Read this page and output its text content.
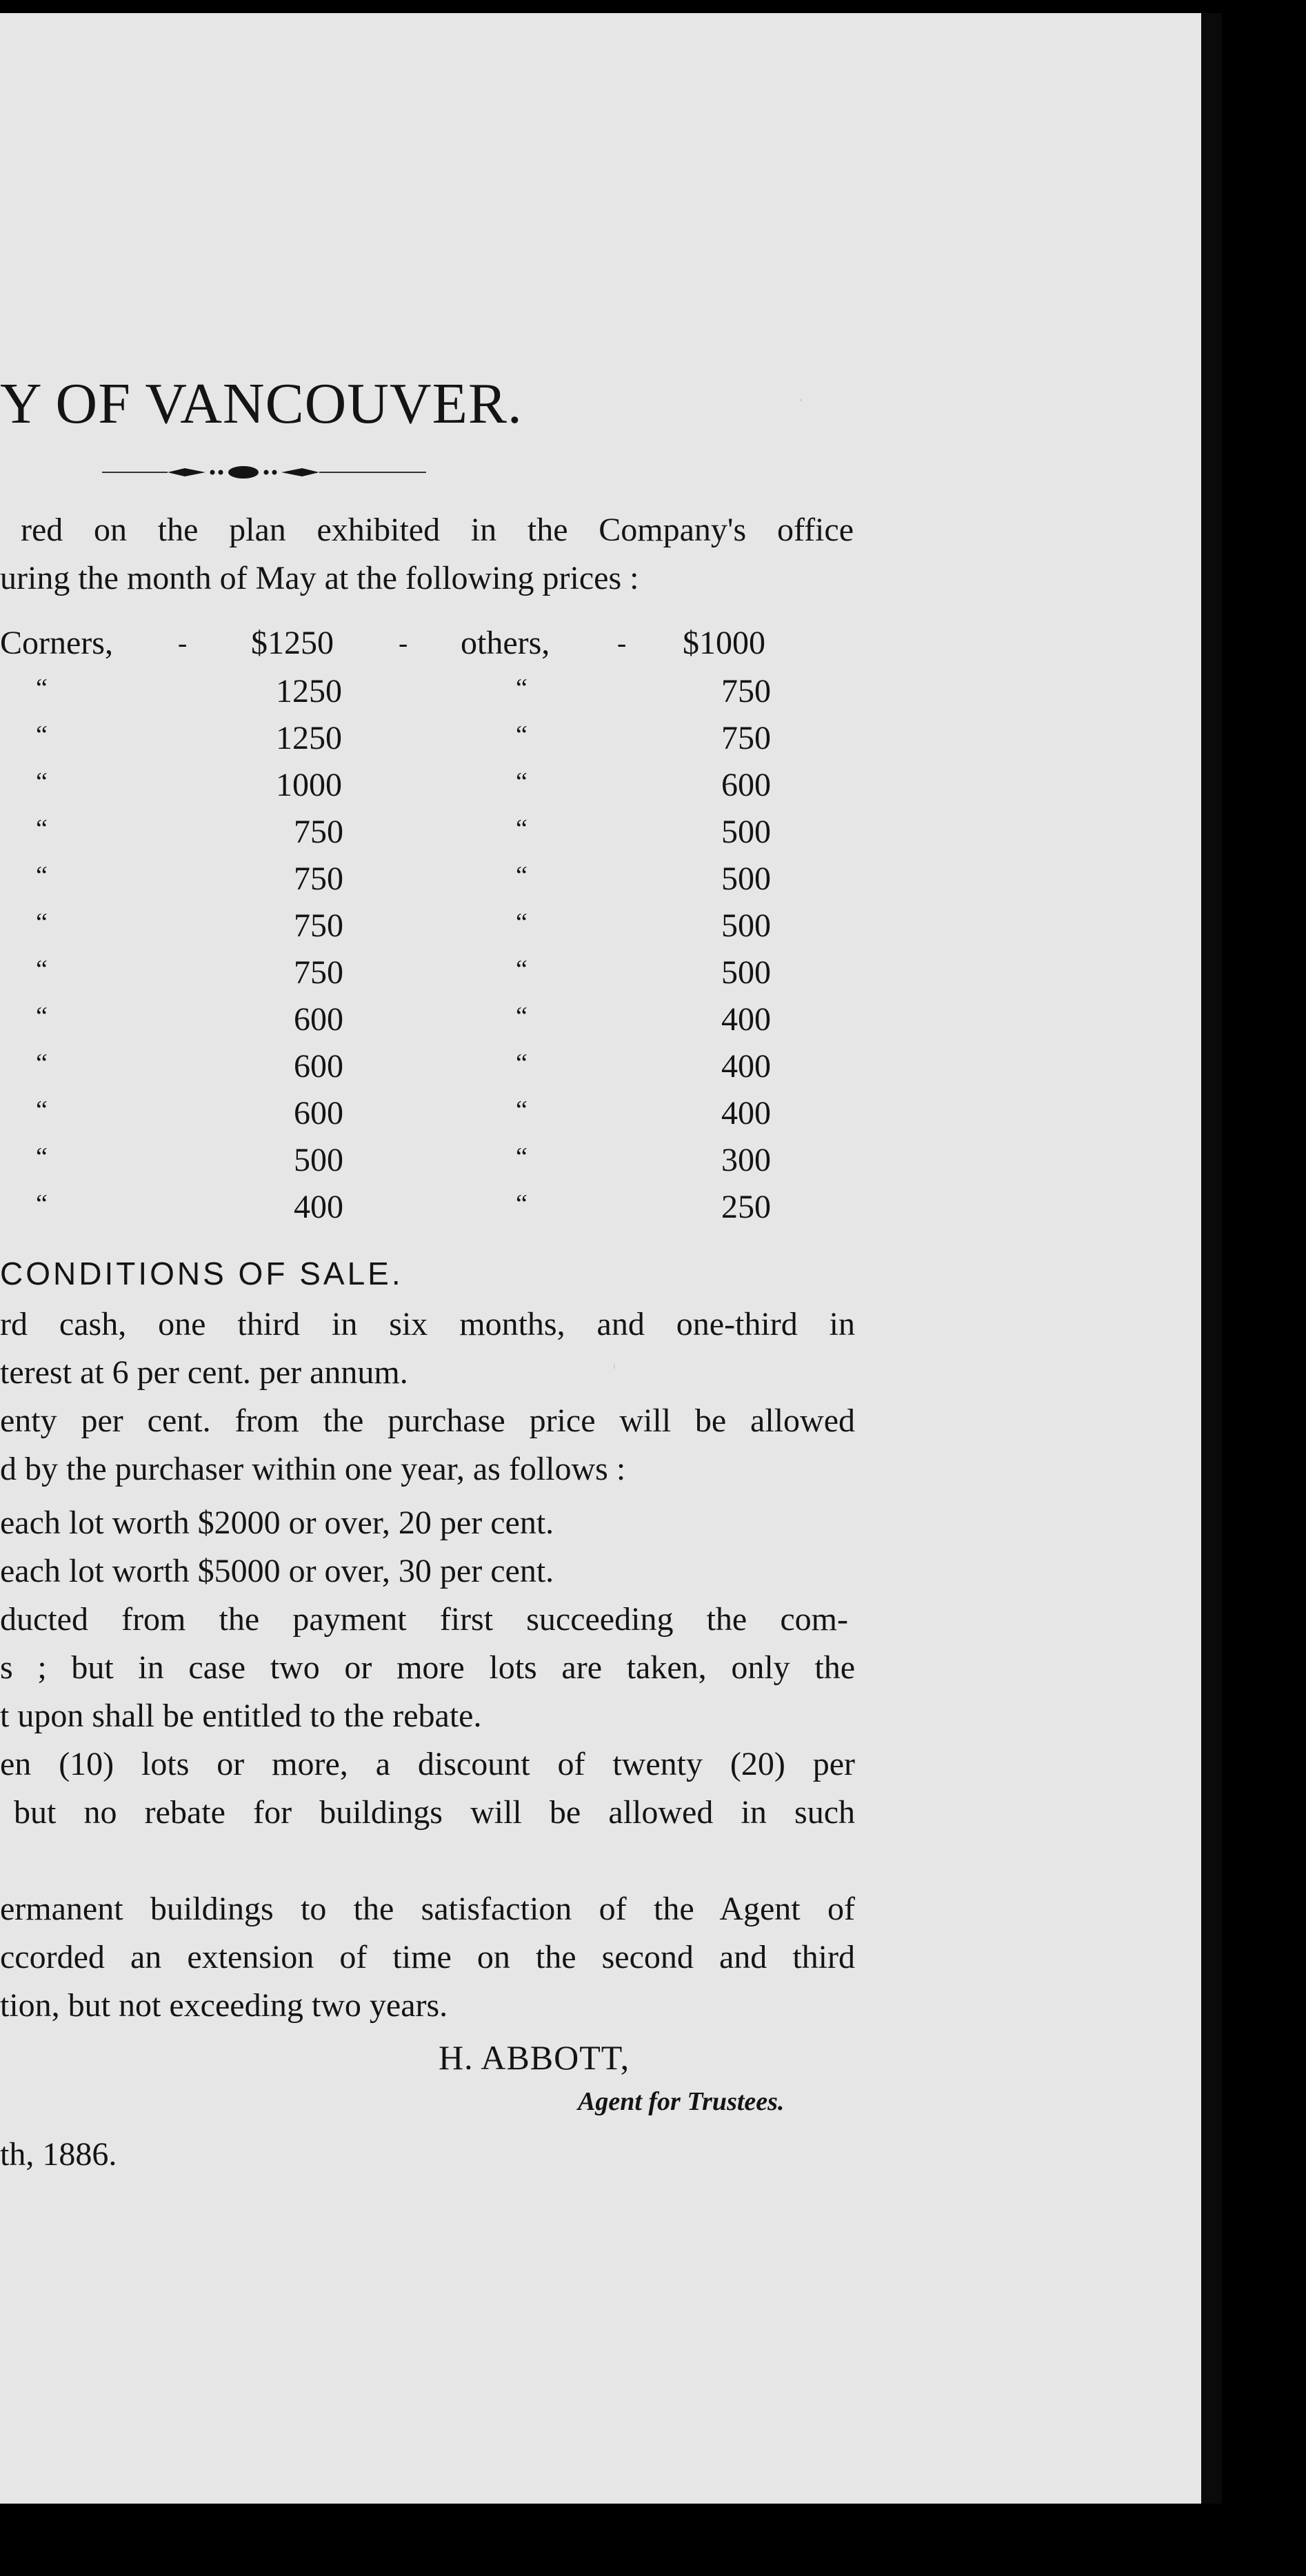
Y OF VANCOUVER.
red on the plan exhibited in the Company's office
uring the month of May at the following prices :
Corners, - $1250 - others, - $1000
“	1250	“	750
“	1250	“	750
“	1000	“	600
“	750	“	500
“	750	“	500
“	750	“	500
“	750	“	500
“	600	“	400
“	600	“	400
“	600	“	400
“	500	“	300
“	400	“	250
CONDITIONS OF SALE.
rd cash, one third in six months, and one-third in
terest at 6 per cent. per annum.
enty per cent. from the purchase price will be allowed
d by the purchaser within one year, as follows :
each lot worth $2000 or over, 20 per cent.
each lot worth $5000 or over, 30 per cent.
ducted from the payment first succeeding the com-
s ; but in case two or more lots are taken, only the
t upon shall be entitled to the rebate.
en (10) lots or more, a discount of twenty (20) per
but no rebate for buildings will be allowed in such
ermanent buildings to the satisfaction of the Agent of
ccorded an extension of time on the second and third
tion, but not exceeding two years.
H. ABBOTT,
Agent for Trustees.
th, 1886.
